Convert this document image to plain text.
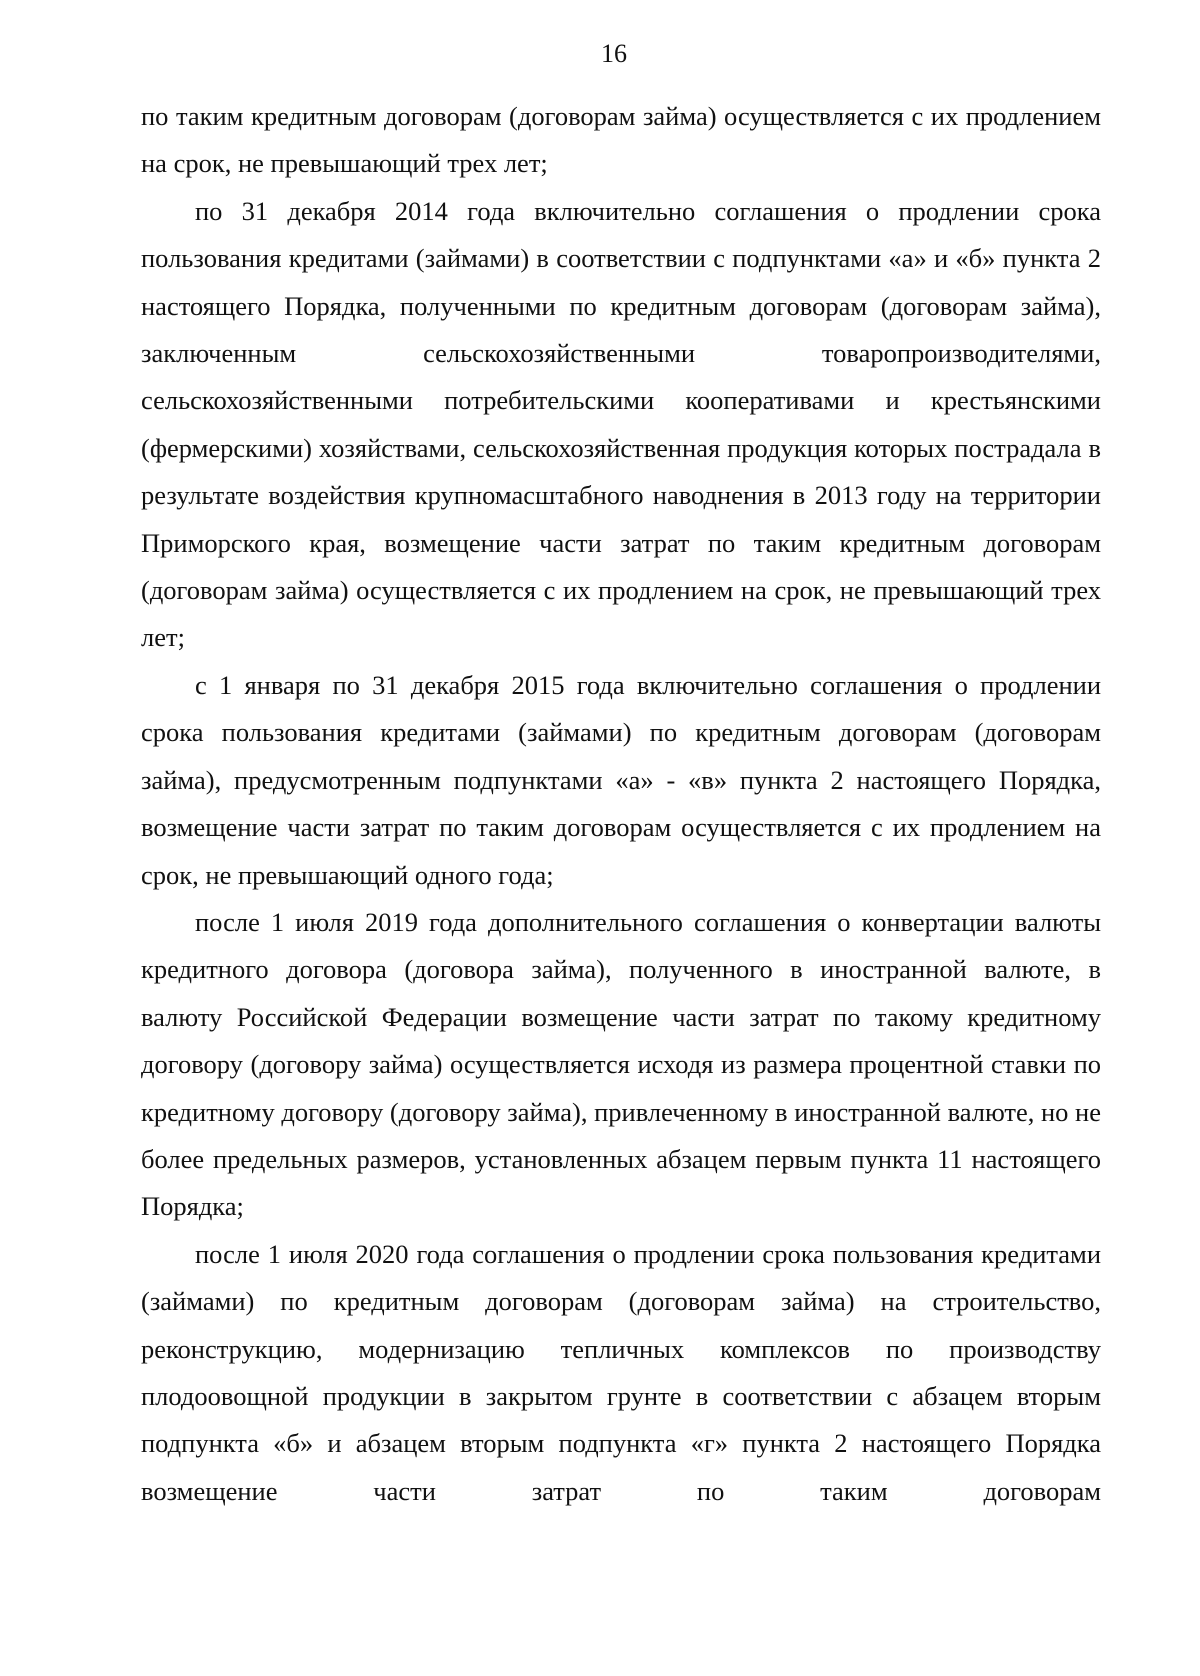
16

по таким кредитным договорам (договорам займа) осуществляется с их продлением на срок, не превышающий трех лет;

по 31 декабря 2014 года включительно соглашения о продлении срока пользования кредитами (займами) в соответствии с подпунктами «а» и «б» пункта 2 настоящего Порядка, полученными по кредитным договорам (договорам займа), заключенным сельскохозяйственными товаропроизводителями, сельскохозяйственными потребительскими кооперативами и крестьянскими (фермерскими) хозяйствами, сельскохозяйственная продукция которых пострадала в результате воздействия крупномасштабного наводнения в 2013 году на территории Приморского края, возмещение части затрат по таким кредитным договорам (договорам займа) осуществляется с их продлением на срок, не превышающий трех лет;

с 1 января по 31 декабря 2015 года включительно соглашения о продлении срока пользования кредитами (займами) по кредитным договорам (договорам займа), предусмотренным подпунктами «а» - «в» пункта 2 настоящего Порядка, возмещение части затрат по таким договорам осуществляется с их продлением на срок, не превышающий одного года;

после 1 июля 2019 года дополнительного соглашения о конвертации валюты кредитного договора (договора займа), полученного в иностранной валюте, в валюту Российской Федерации возмещение части затрат по такому кредитному договору (договору займа) осуществляется исходя из размера процентной ставки по кредитному договору (договору займа), привлеченному в иностранной валюте, но не более предельных размеров, установленных абзацем первым пункта 11 настоящего Порядка;

после 1 июля 2020 года соглашения о продлении срока пользования кредитами (займами) по кредитным договорам (договорам займа) на строительство, реконструкцию, модернизацию тепличных комплексов по производству плодоовощной продукции в закрытом грунте в соответствии с абзацем вторым подпункта «б» и абзацем вторым подпункта «г» пункта 2 настоящего Порядка возмещение части затрат по таким договорам
